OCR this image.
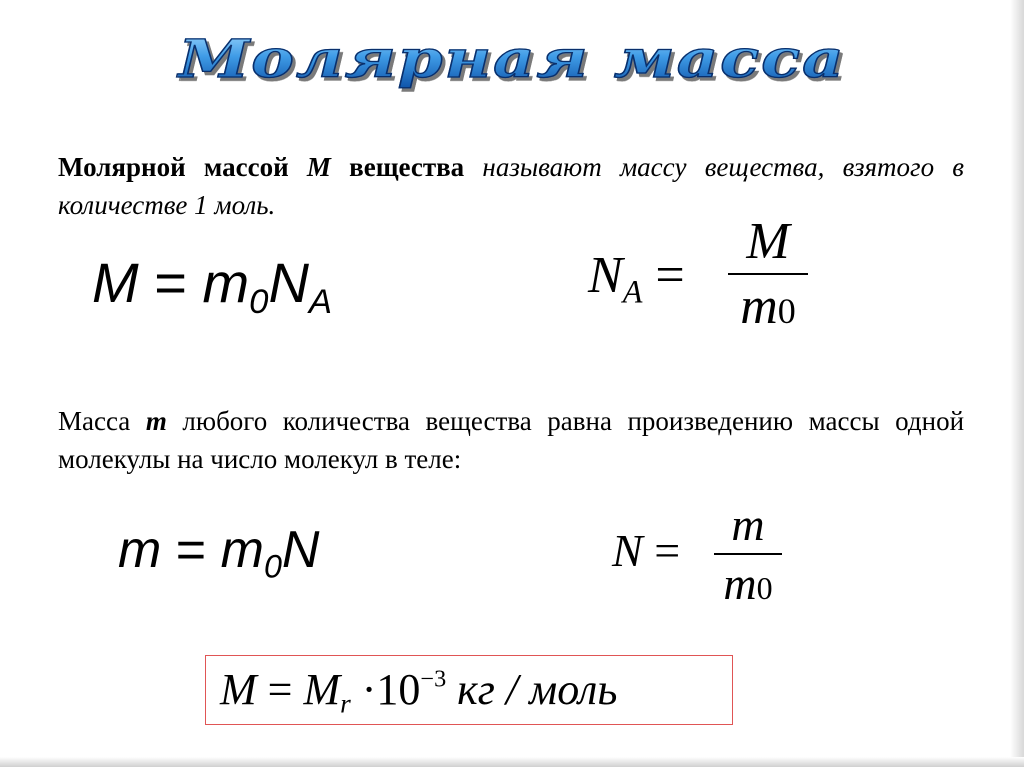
Молярная масса
Молярной массой М вещества называют массу вещества, взятого в количестве 1 моль.
$M = m_0N_A$	$N_A$ =
M
m0
Масса m любого количества вещества равна произведению массы одной молекулы на число молекул в теле:
$m = m_0N$	N =
m
m0
$M = M_r \cdot 10^{-3}$ кг / моль
